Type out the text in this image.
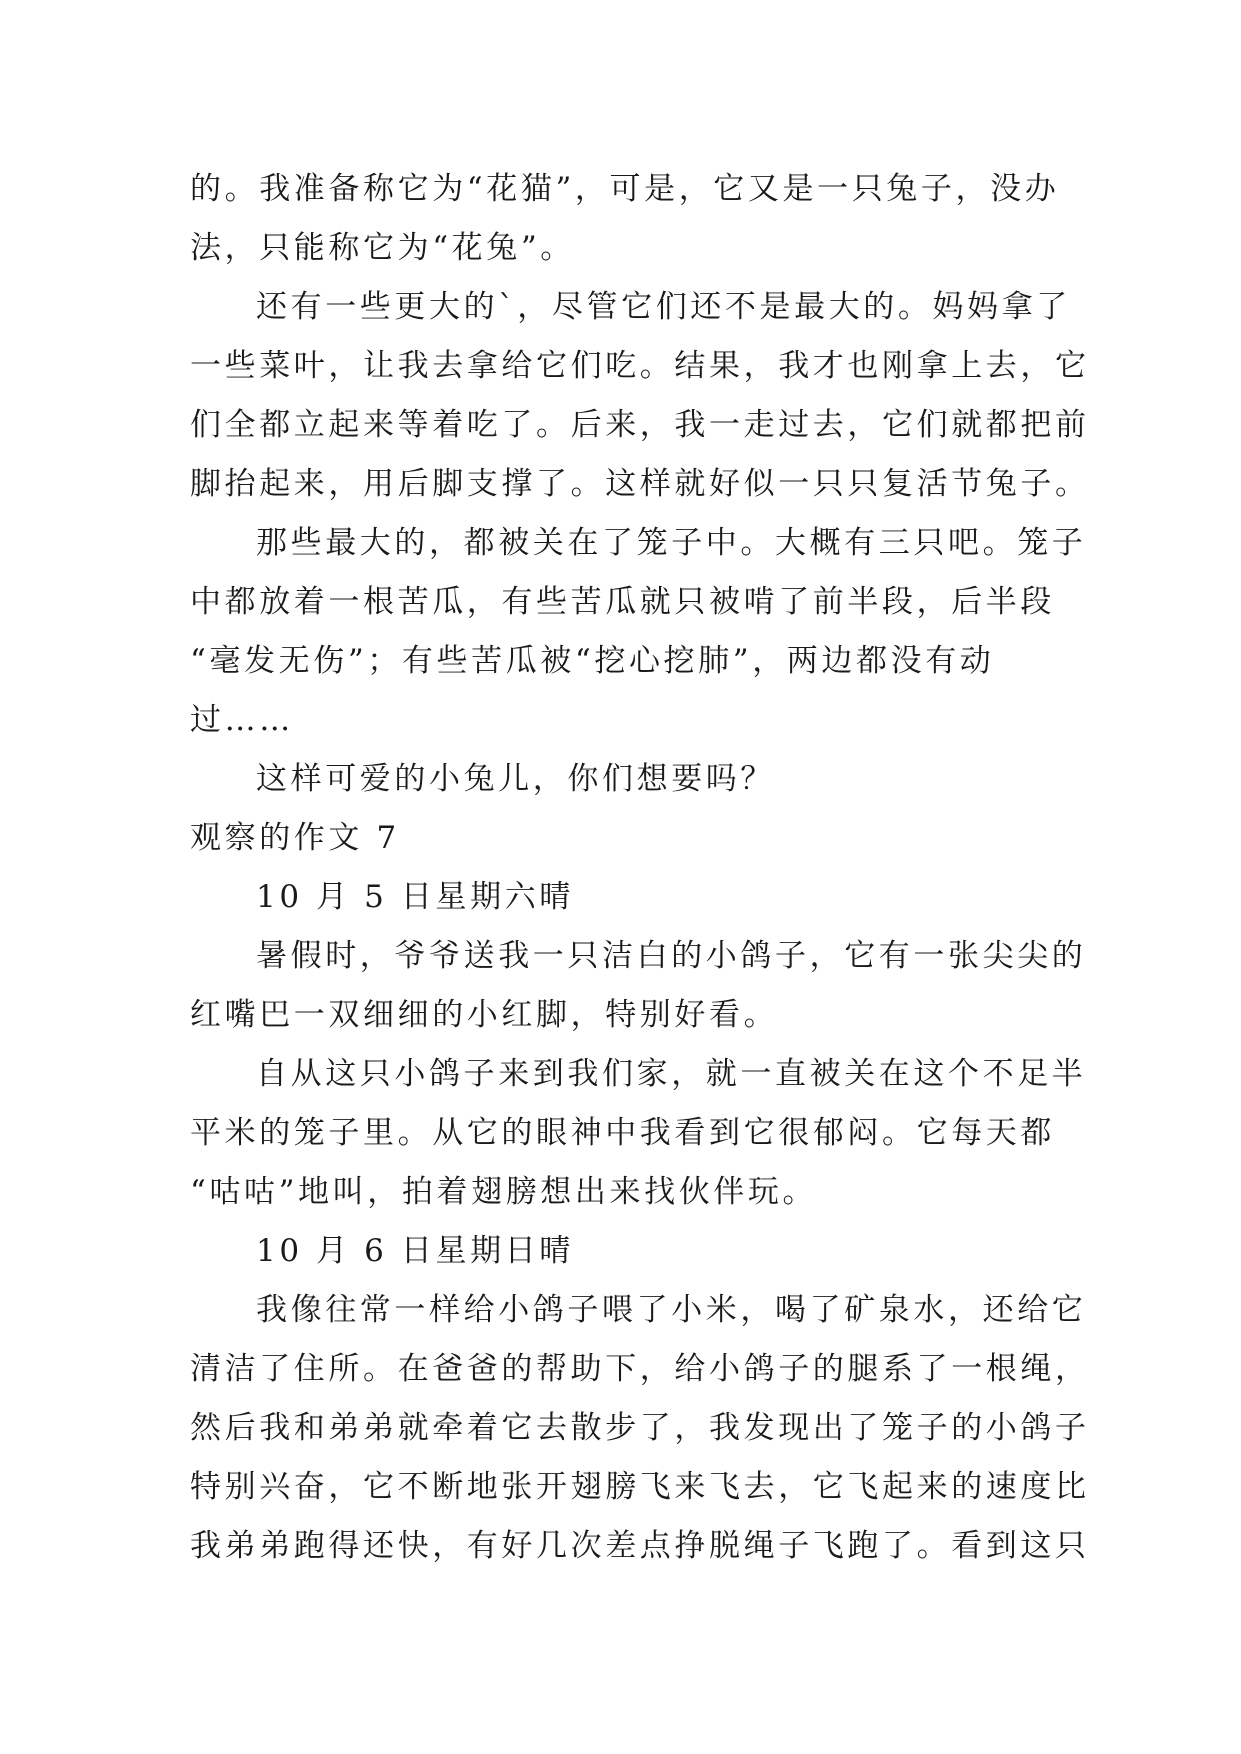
的。我准备称它为“花猫”，可是，它又是一只兔子，没办
法，只能称它为“花兔”。
还有一些更大的`，尽管它们还不是最大的。妈妈拿了
一些菜叶，让我去拿给它们吃。结果，我才也刚拿上去，它
们全都立起来等着吃了。后来，我一走过去，它们就都把前
脚抬起来，用后脚支撑了。这样就好似一只只复活节兔子。
那些最大的，都被关在了笼子中。大概有三只吧。笼子
中都放着一根苦瓜，有些苦瓜就只被啃了前半段，后半段
“毫发无伤”；有些苦瓜被“挖心挖肺”，两边都没有动
过……
这样可爱的小兔儿，你们想要吗？
观察的作文 7
10 月 5 日星期六晴
暑假时，爷爷送我一只洁白的小鸽子，它有一张尖尖的
红嘴巴一双细细的小红脚，特别好看。
自从这只小鸽子来到我们家，就一直被关在这个不足半
平米的笼子里。从它的眼神中我看到它很郁闷。它每天都
“咕咕”地叫，拍着翅膀想出来找伙伴玩。
10 月 6 日星期日晴
我像往常一样给小鸽子喂了小米，喝了矿泉水，还给它
清洁了住所。在爸爸的帮助下，给小鸽子的腿系了一根绳，
然后我和弟弟就牵着它去散步了，我发现出了笼子的小鸽子
特别兴奋，它不断地张开翅膀飞来飞去，它飞起来的速度比
我弟弟跑得还快，有好几次差点挣脱绳子飞跑了。看到这只
